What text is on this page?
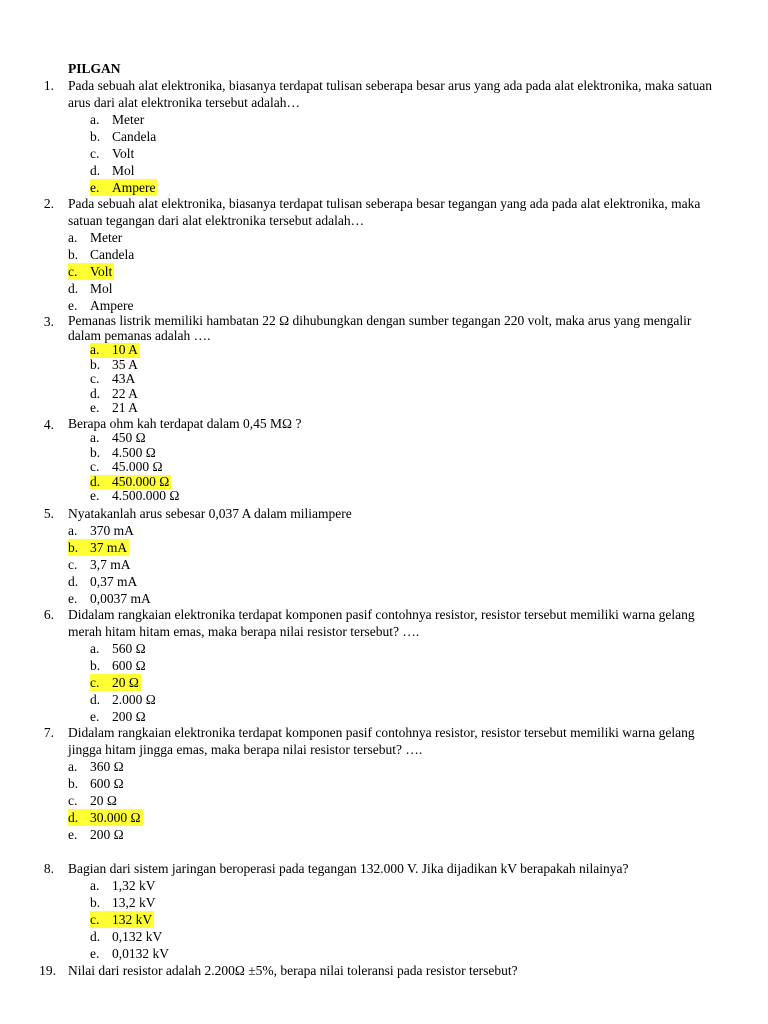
PILGAN
1. Pada sebuah alat elektronika, biasanya terdapat tulisan seberapa besar arus yang ada pada alat elektronika, maka satuan arus dari alat elektronika tersebut adalah…
a. Meter
b. Candela
c. Volt
d. Mol
e. Ampere
2. Pada sebuah alat elektronika, biasanya terdapat tulisan seberapa besar tegangan yang ada pada alat elektronika, maka satuan tegangan dari alat elektronika tersebut adalah…
a. Meter
b. Candela
c. Volt
d. Mol
e. Ampere
3. Pemanas listrik memiliki hambatan 22 Ω dihubungkan dengan sumber tegangan 220 volt, maka arus yang mengalir dalam pemanas adalah ….
a. 10 A
b. 35 A
c. 43A
d. 22 A
e. 21 A
4. Berapa ohm kah terdapat dalam 0,45 MΩ ?
a. 450 Ω
b. 4.500 Ω
c. 45.000 Ω
d. 450.000 Ω
e. 4.500.000 Ω
5. Nyatakanlah arus sebesar 0,037 A dalam miliampere
a. 370 mA
b. 37 mA
c. 3,7 mA
d. 0,37 mA
e. 0,0037 mA
6. Didalam rangkaian elektronika terdapat komponen pasif contohnya resistor, resistor tersebut memiliki warna gelang merah hitam hitam emas, maka berapa nilai resistor tersebut? ….
a. 560 Ω
b. 600 Ω
c. 20 Ω
d. 2.000 Ω
e. 200 Ω
7. Didalam rangkaian elektronika terdapat komponen pasif contohnya resistor, resistor tersebut memiliki warna gelang jingga hitam jingga emas, maka berapa nilai resistor tersebut? ….
a. 360 Ω
b. 600 Ω
c. 20 Ω
d. 30.000 Ω
e. 200 Ω
8. Bagian dari sistem jaringan beroperasi pada tegangan 132.000 V. Jika dijadikan kV berapakah nilainya?
a. 1,32 kV
b. 13,2 kV
c. 132 kV
d. 0,132 kV
e. 0,0132 kV
19. Nilai dari resistor adalah 2.200Ω ±5%, berapa nilai toleransi pada resistor tersebut?
